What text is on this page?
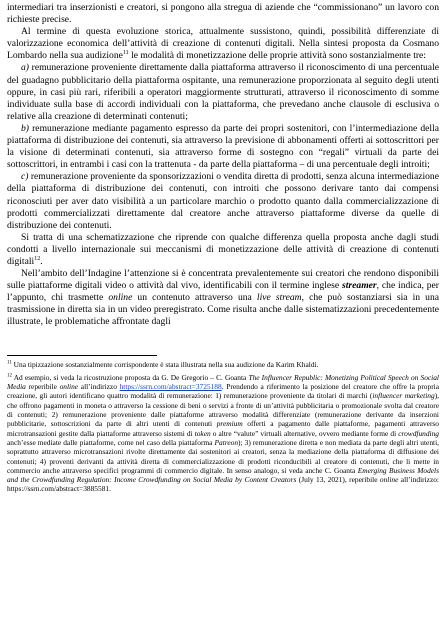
intermediari tra inserzionisti e creatori, si pongono alla stregua di aziende che “commissionano” un lavoro con richieste precise.

Al termine di questa evoluzione storica, attualmente sussistono, quindi, possibilità differenziate di valorizzazione economica dell’attività di creazione di contenuti digitali. Nella sintesi proposta da Cosmano Lombardo nella sua audizione$^{11}$ le modalità di monetizzazione delle proprie attività sono sostanzialmente tre:

a) remunerazione proveniente direttamente dalla piattaforma attraverso il riconoscimento di una percentuale del guadagno pubblicitario della piattaforma ospitante, una remunerazione proporzionata al seguito degli utenti oppure, in casi più rari, riferibili a operatori maggiormente strutturati, attraverso il riconoscimento di somme individuate sulla base di accordi individuali con la piattaforma, che prevedano anche clausole di esclusiva o relative alla creazione di determinati contenuti;

b) remunerazione mediante pagamento espresso da parte dei propri sostenitori, con l’intermediazione della piattaforma di distribuzione dei contenuti, sia attraverso la previsione di abbonamenti offerti ai sottoscrittori per la visione di determinati contenuti, sia attraverso forme di sostegno con “regali” virtuali da parte dei sottoscrittori, in entrambi i casi con la trattenuta - da parte della piattaforma – di una percentuale degli introiti;

c) remunerazione proveniente da sponsorizzazioni o vendita diretta di prodotti, senza alcuna intermediazione della piattaforma di distribuzione dei contenuti, con introiti che possono derivare tanto dai compensi riconosciuti per aver dato visibilità a un particolare marchio o prodotto quanto dalla commercializzazione di prodotti commercializzati direttamente dal creatore anche attraverso piattaforme diverse da quelle di distribuzione dei contenuti.

Si tratta di una schematizzazione che riprende con qualche differenza quella proposta anche dagli studi condotti a livello internazionale sui meccanismi di monetizzazione delle attività di creazione di contenuti digitali$^{12}$.

Nell’ambito dell’Indagine l’attenzione si è concentrata prevalentemente sui creatori che rendono disponibili sulle piattaforme digitali video o attività dal vivo, identificabili con il termine inglese streamer, che indica, per l’appunto, chi trasmette online un contenuto attraverso una live stream, che può sostanziarsi sia in una trasmissione in diretta sia in un video preregistrato. Come risulta anche dalle sistematizzazioni precedentemente illustrate, le problematiche affrontate dagli

$^{11}$ Una tipizzazione sostanzialmente corrispondente è stata illustrata nella sua audizione da Karim Khaldi.

$^{12}$ Ad esempio, si veda la ricostruzione proposta da G. De Gregorio – C. Goanta The Influencer Republic: Monetizing Political Speech on Social Media reperibile online all’indirizzo https://ssrn.com/abstract=3725188. Prendendo a riferimento la posizione del creatore che offre la propria creazione, gli autori identificano quattro modalità di remunerazione: 1) remunerazione proveniente da titolari di marchi (influencer marketing), che offrono pagamenti in moneta o attraverso la cessione di beni o servizi a fronte di un’attività pubblicitaria o promozionale svolta dal creatore di contenuti; 2) remunerazione proveniente dalle piattaforme attraverso modalità differenziate (remunerazione derivante da inserzioni pubblicitarie, sottoscrizioni da parte di altri utenti di contenuti premium offerti a pagamento dalle piattaforme, pagamenti attraverso microtransazioni gestite dalla piattaforme attraverso sistemi di token o altre “valute” virtuali alternative, ovvero mediante forme di crowdfunding anch’esse mediate dalle piattaforme, come nel caso della piattaforma Patreon); 3) remunerazione diretta e non mediata da parte degli altri utenti, soprattutto attraverso microtransazioni rivolte direttamente dai sostenitori ai creatori, senza la mediazione della piattaforma di diffusione dei contenuti; 4) proventi derivanti da attività diretta di commercializzazione di prodotti riconducibili al creatore di contenuti, che li mette in commercio anche attraverso specifici programmi di commercio digitale. In senso analogo, si veda anche C. Goanta Emerging Business Models and the Crowdfunding Regulation: Income Crowdfunding on Social Media by Content Creators (July 13, 2021), reperibile online all’indirizzo: https://ssrn.com/abstract=3885581.
